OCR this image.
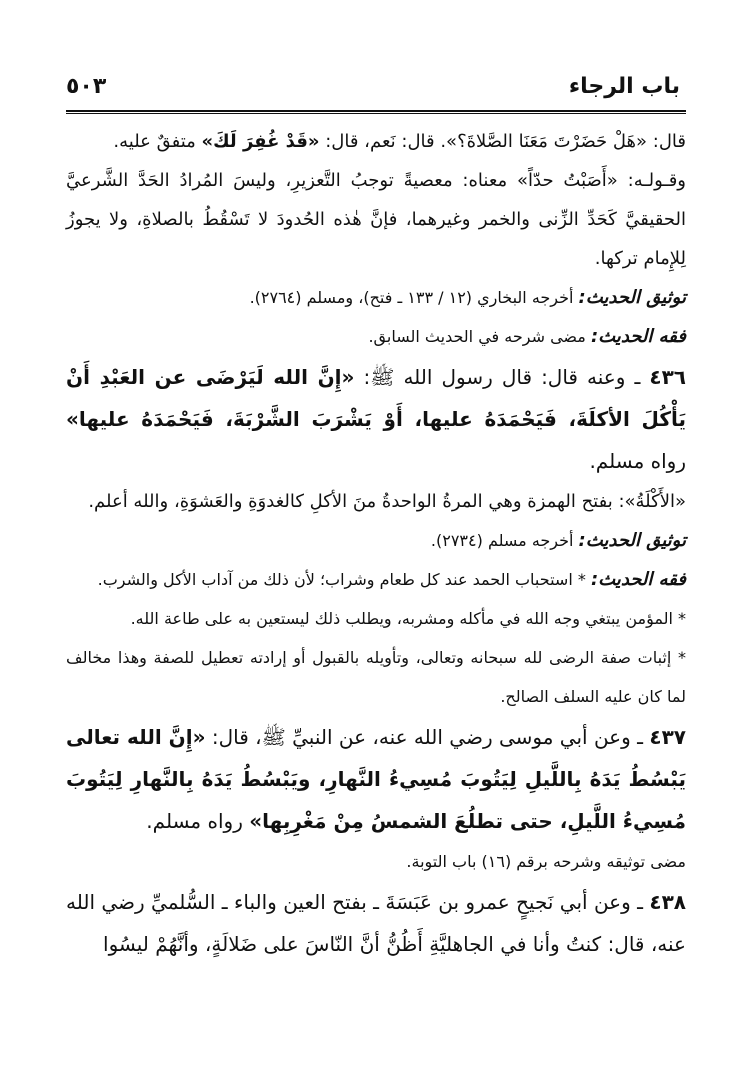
باب الرجاء
٥٠٣

قال: «هَلْ حَضَرْتَ مَعَنَا الصَّلاةَ؟». قال: نَعم، قال: «قَدْ غُفِرَ لَكَ» متفقٌ عليه.

وقـولـه: «أَصَبْتُ حدّاً» معناه: معصيةً توجبُ التَّعزيرِ، وليسَ المُرادُ الحَدَّ الشَّرعيَّ الحقيقيَّ كَحَدِّ الزِّنى والخمر وغيرهما، فإنَّ هٰذه الحُدودَ لا تَسْقُطُ بالصلاةِ، ولا يجوزُ لِلإِمام تركها.

توثيق الحديث: أخرجه البخاري (١٢ / ١٣٣ ـ فتح)، ومسلم (٢٧٦٤).

فقه الحديث: مضى شرحه في الحديث السابق.

٤٣٦ ـ وعنه قال: قال رسول الله ﷺ: «إِنَّ الله لَيَرْضَى عن العَبْدِ أَنْ يَأْكُلَ الأكلَةَ، فَيَحْمَدَهُ عليها، أَوْ يَشْرَبَ الشَّرْبَةَ، فَيَحْمَدَهُ عليها» رواه مسلم.

«الأَكْلَةُ»: بفتح الهمزة وهي المرةُ الواحدةُ منَ الأكلِ كالغدوَةِ والعَشوَةِ، والله أعلم.

توثيق الحديث: أخرجه مسلم (٢٧٣٤).

فقه الحديث: * استحباب الحمد عند كل طعام وشراب؛ لأن ذلك من آداب الأكل والشرب.

* المؤمن يبتغي وجه الله في مأكله ومشربه، ويطلب ذلك ليستعين به على طاعة الله.

* إثبات صفة الرضى لله سبحانه وتعالى، وتأويله بالقبول أو إرادته تعطيل للصفة وهذا مخالف لما كان عليه السلف الصالح.

٤٣٧ ـ وعن أبي موسى رضي الله عنه، عن النبيِّ ﷺ، قال: «إِنَّ الله تعالى يَبْسُطُ يَدَهُ بِاللَّيلِ لِيَتُوبَ مُسِيءُ النَّهارِ، ويَبْسُطُ يَدَهُ بِالنَّهارِ لِيَتُوبَ مُسِيءُ اللَّيلِ، حتى تطلُعَ الشمسُ مِنْ مَغْرِبِها» رواه مسلم.

مضى توثيقه وشرحه برقم (١٦) باب التوبة.

٤٣٨ ـ وعن أبي نَجيحٍ عمرو بن عَبَسَةَ ـ بفتح العين والباء ـ السُّلميِّ رضي الله عنه، قال: كنتُ وأنا في الجاهليَّةِ أَظُنُّ أنَّ النّاسَ على ضَلالَةٍ، وأنَّهُمْ ليسُوا
